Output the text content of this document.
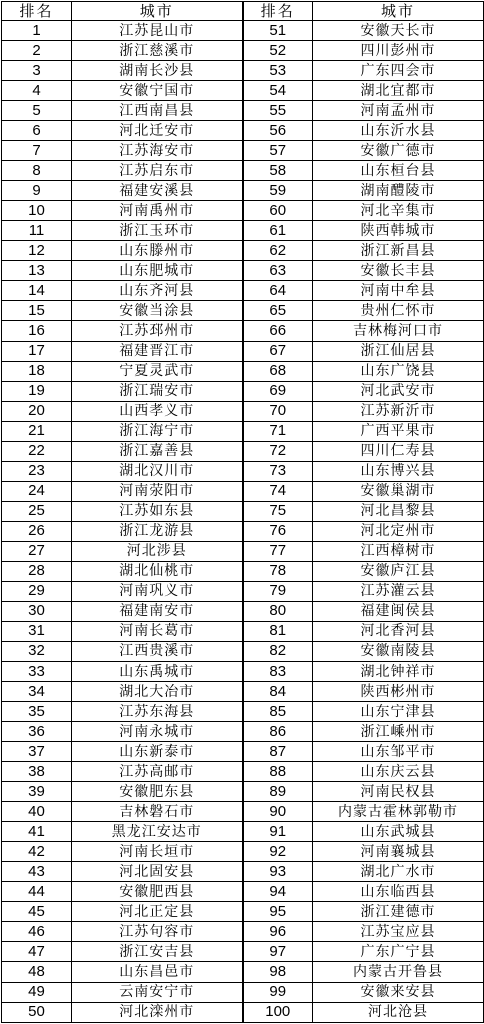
排名	城市	排名	城市
1	江苏昆山市	51	安徽天长市
2	浙江慈溪市	52	四川彭州市
3	湖南长沙县	53	广东四会市
4	安徽宁国市	54	湖北宜都市
5	江西南昌县	55	河南孟州市
6	河北迁安市	56	山东沂水县
7	江苏海安市	57	安徽广德市
8	江苏启东市	58	山东桓台县
9	福建安溪县	59	湖南醴陵市
10	河南禹州市	60	河北辛集市
11	浙江玉环市	61	陕西韩城市
12	山东滕州市	62	浙江新昌县
13	山东肥城市	63	安徽长丰县
14	山东齐河县	64	河南中牟县
15	安徽当涂县	65	贵州仁怀市
16	江苏邳州市	66	吉林梅河口市
17	福建晋江市	67	浙江仙居县
18	宁夏灵武市	68	山东广饶县
19	浙江瑞安市	69	河北武安市
20	山西孝义市	70	江苏新沂市
21	浙江海宁市	71	广西平果市
22	浙江嘉善县	72	四川仁寿县
23	湖北汉川市	73	山东博兴县
24	河南荥阳市	74	安徽巢湖市
25	江苏如东县	75	河北昌黎县
26	浙江龙游县	76	河北定州市
27	河北涉县	77	江西樟树市
28	湖北仙桃市	78	安徽庐江县
29	河南巩义市	79	江苏灌云县
30	福建南安市	80	福建闽侯县
31	河南长葛市	81	河北香河县
32	江西贵溪市	82	安徽南陵县
33	山东禹城市	83	湖北钟祥市
34	湖北大冶市	84	陕西彬州市
35	江苏东海县	85	山东宁津县
36	河南永城市	86	浙江嵊州市
37	山东新泰市	87	山东邹平市
38	江苏高邮市	88	山东庆云县
39	安徽肥东县	89	河南民权县
40	吉林磐石市	90	内蒙古霍林郭勒市
41	黑龙江安达市	91	山东武城县
42	河南长垣市	92	河南襄城县
43	河北固安县	93	湖北广水市
44	安徽肥西县	94	山东临西县
45	河北正定县	95	浙江建德市
46	江苏句容市	96	江苏宝应县
47	浙江安吉县	97	广东广宁县
48	山东昌邑市	98	内蒙古开鲁县
49	云南安宁市	99	安徽来安县
50	河北滦州市	100	河北沧县
